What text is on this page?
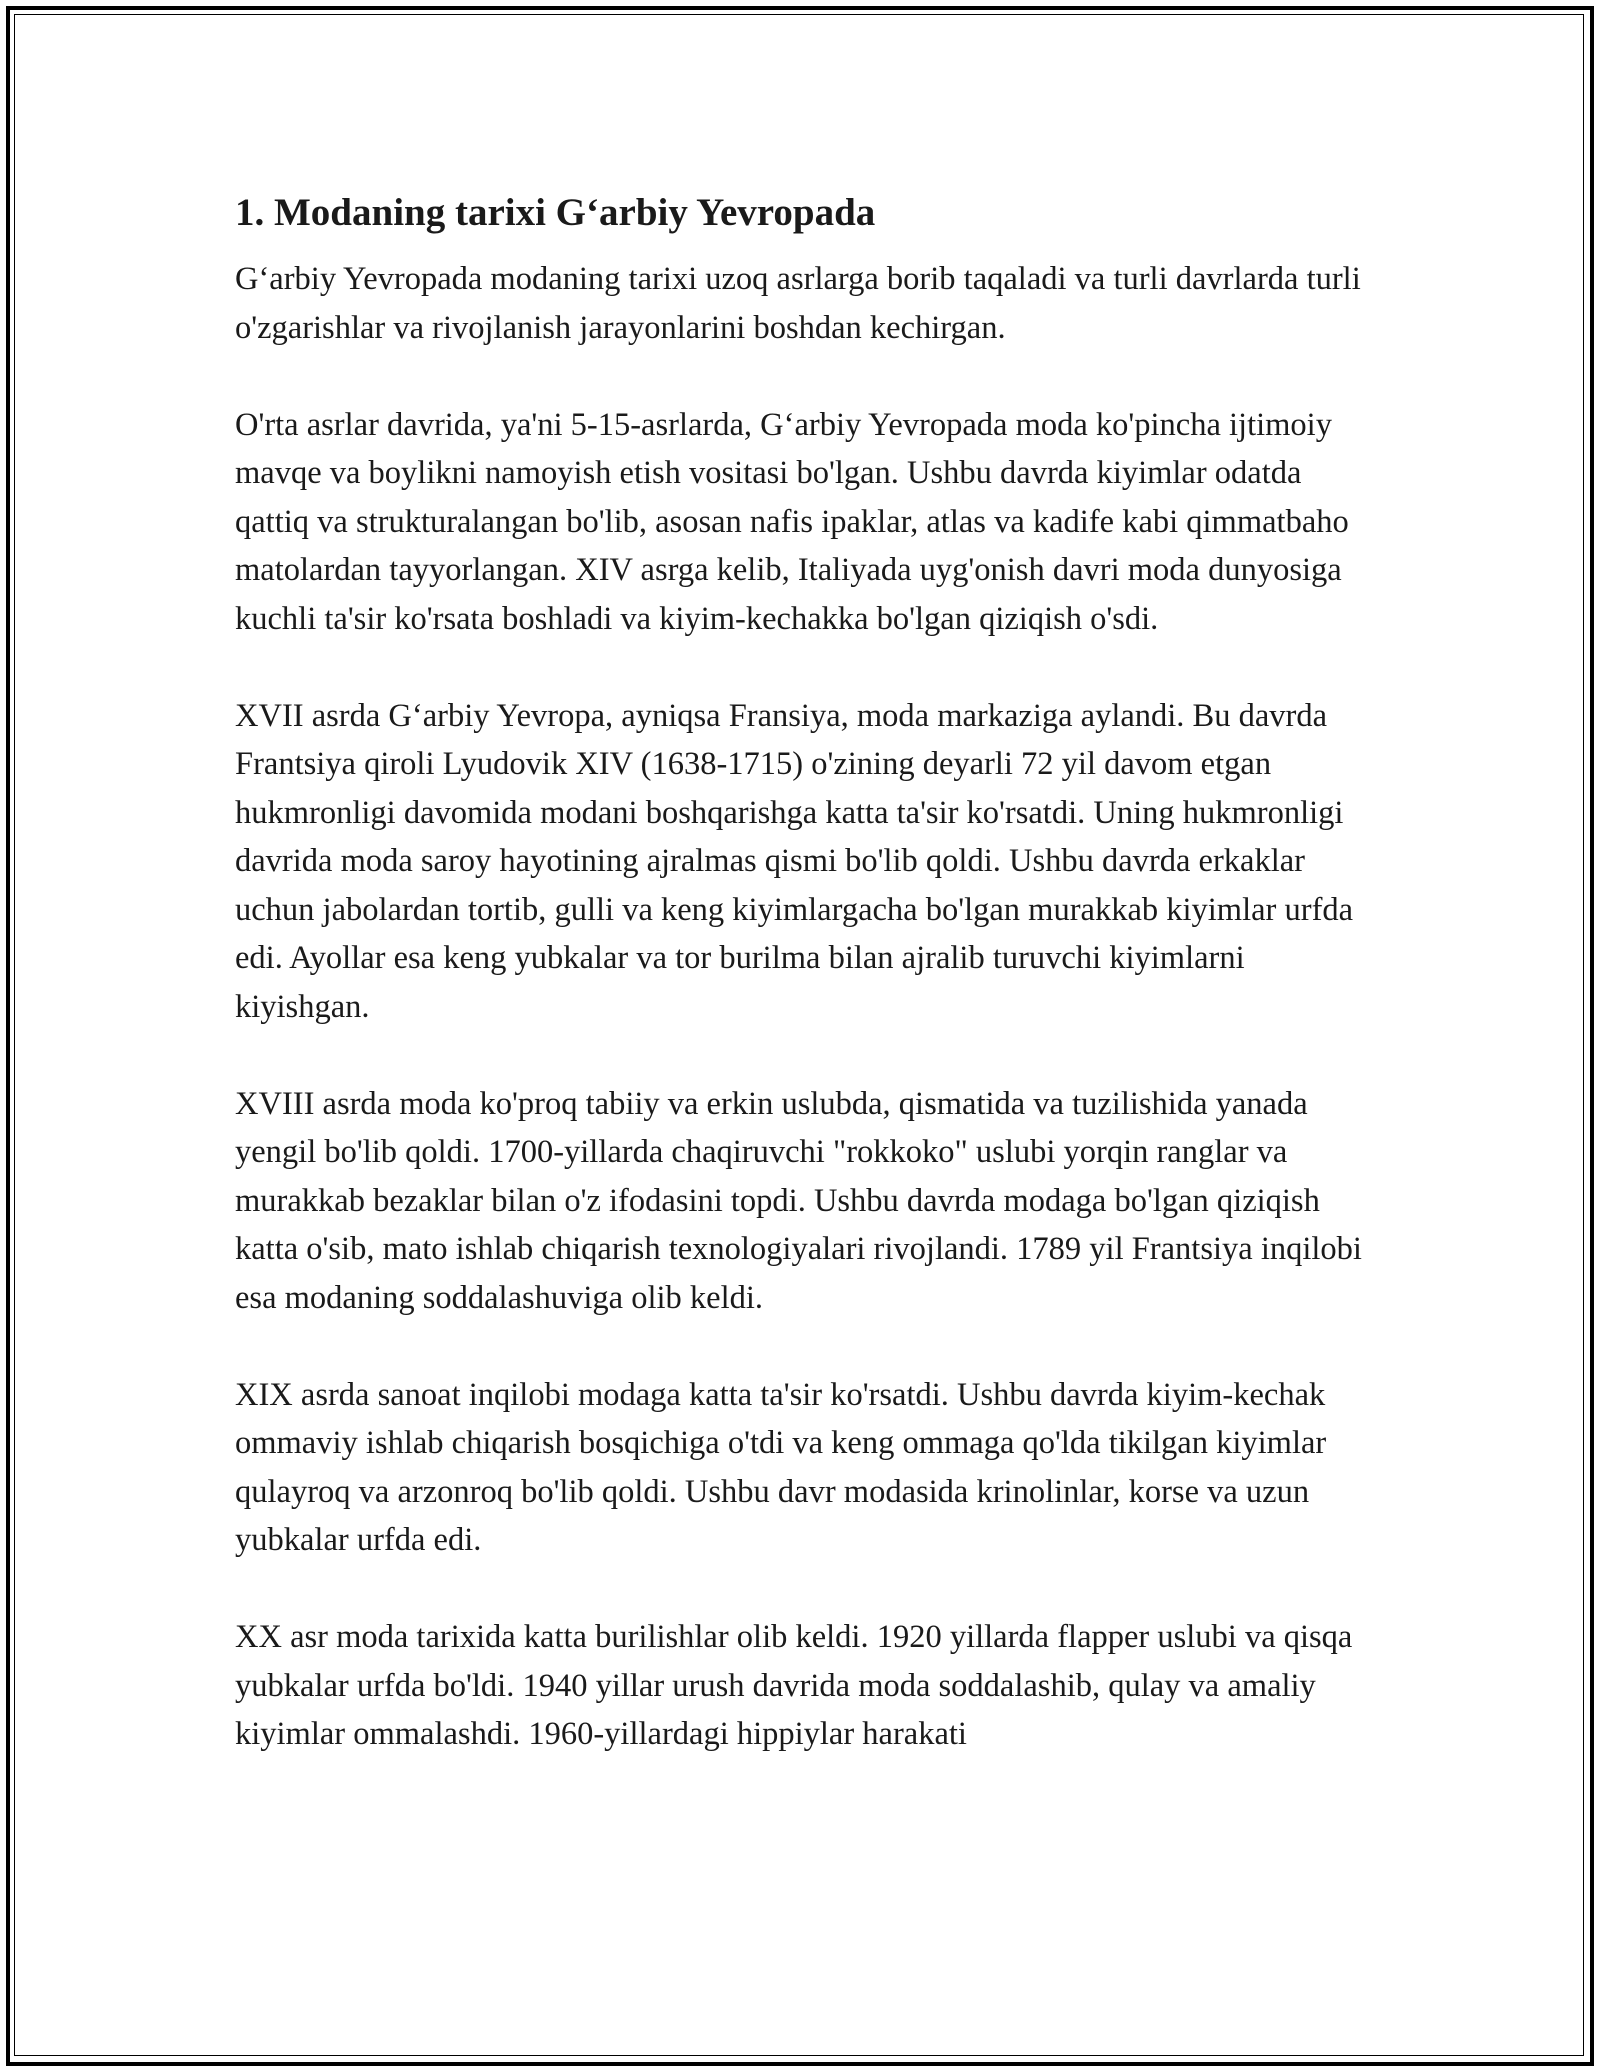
1. Modaning tarixi G‘arbiy Yevropada

G‘arbiy Yevropada modaning tarixi uzoq asrlarga borib taqaladi va turli davrlarda turli o'zgarishlar va rivojlanish jarayonlarini boshdan kechirgan.

O'rta asrlar davrida, ya'ni 5-15-asrlarda, G‘arbiy Yevropada moda ko'pincha ijtimoiy mavqe va boylikni namoyish etish vositasi bo'lgan. Ushbu davrda kiyimlar odatda qattiq va strukturalangan bo'lib, asosan nafis ipaklar, atlas va kadife kabi qimmatbaho matolardan tayyorlangan. XIV asrga kelib, Italiyada uyg'onish davri moda dunyosiga kuchli ta'sir ko'rsata boshladi va kiyim-kechakka bo'lgan qiziqish o'sdi.

XVII asrda G‘arbiy Yevropa, ayniqsa Fransiya, moda markaziga aylandi. Bu davrda Frantsiya qiroli Lyudovik XIV (1638-1715) o'zining deyarli 72 yil davom etgan hukmronligi davomida modani boshqarishga katta ta'sir ko'rsatdi. Uning hukmronligi davrida moda saroy hayotining ajralmas qismi bo'lib qoldi. Ushbu davrda erkaklar uchun jabolardan tortib, gulli va keng kiyimlargacha bo'lgan murakkab kiyimlar urfda edi. Ayollar esa keng yubkalar va tor burilma bilan ajralib turuvchi kiyimlarni kiyishgan.

XVIII asrda moda ko'proq tabiiy va erkin uslubda, qismatida va tuzilishida yanada yengil bo'lib qoldi. 1700-yillarda chaqiruvchi "rokkoko" uslubi yorqin ranglar va murakkab bezaklar bilan o'z ifodasini topdi. Ushbu davrda modaga bo'lgan qiziqish katta o'sib, mato ishlab chiqarish texnologiyalari rivojlandi. 1789 yil Frantsiya inqilobi esa modaning soddalashuviga olib keldi.

XIX asrda sanoat inqilobi modaga katta ta'sir ko'rsatdi. Ushbu davrda kiyim-kechak ommaviy ishlab chiqarish bosqichiga o'tdi va keng ommaga qo'lda tikilgan kiyimlar qulayroq va arzonroq bo'lib qoldi. Ushbu davr modasida krinolinlar, korse va uzun yubkalar urfda edi.

XX asr moda tarixida katta burilishlar olib keldi. 1920 yillarda flapper uslubi va qisqa yubkalar urfda bo'ldi. 1940 yillar urush davrida moda soddalashib, qulay va amaliy kiyimlar ommalashdi. 1960-yillardagi hippiylar harakati
